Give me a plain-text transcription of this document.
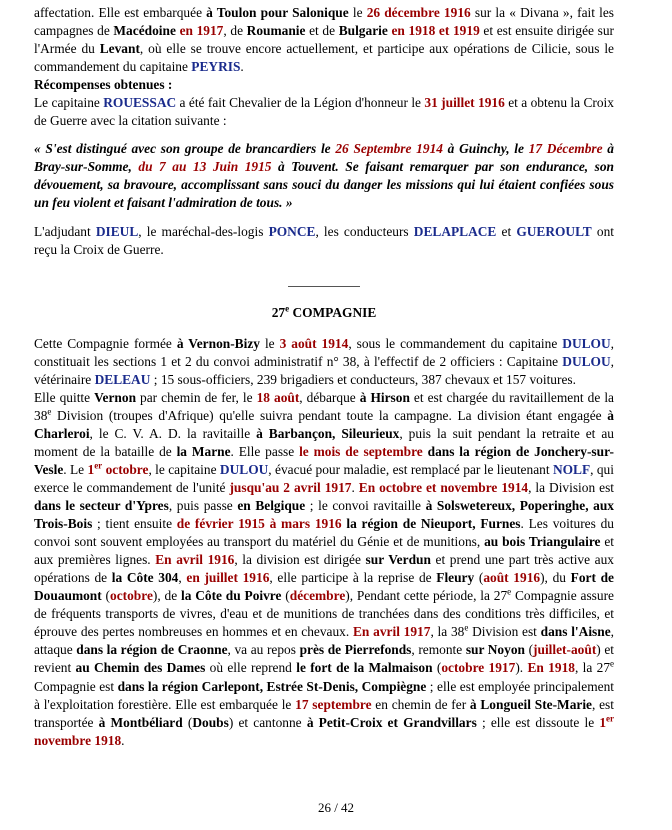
affectation. Elle est embarquée à Toulon pour Salonique le 26 décembre 1916 sur la « Divana », fait les campagnes de Macédoine en 1917, de Roumanie et de Bulgarie en 1918 et 1919 et est ensuite dirigée sur l'Armée du Levant, où elle se trouve encore actuellement, et participe aux opérations de Cilicie, sous le commandement du capitaine PEYRIS.

Récompenses obtenues :

Le capitaine ROUESSAC a été fait Chevalier de la Légion d'honneur le 31 juillet 1916 et a obtenu la Croix de Guerre avec la citation suivante :

« S'est distingué avec son groupe de brancardiers le 26 Septembre 1914 à Guinchy, le 17 Décembre à Bray-sur-Somme, du 7 au 13 Juin 1915 à Touvent. Se faisant remarquer par son endurance, son dévouement, sa bravoure, accomplissant sans souci du danger les missions qui lui étaient confiées sous un feu violent et faisant l'admiration de tous. »

L'adjudant DIEUL, le maréchal-des-logis PONCE, les conducteurs DELAPLACE et GUEROULT ont reçu la Croix de Guerre.

27e COMPAGNIE

Cette Compagnie formée à Vernon-Bizy le 3 août 1914, sous le commandement du capitaine DULOU, constituait les sections 1 et 2 du convoi administratif n° 38, à l'effectif de 2 officiers : Capitaine DULOU, vétérinaire DELEAU ; 15 sous-officiers, 239 brigadiers et conducteurs, 387 chevaux et 157 voitures.

Elle quitte Vernon par chemin de fer, le 18 août, débarque à Hirson et est chargée du ravitaillement de la 38e Division (troupes d'Afrique) qu'elle suivra pendant toute la campagne. La division étant engagée à Charleroi, le C. V. A. D. la ravitaille à Barbançon, Sileurieux, puis la suit pendant la retraite et au moment de la bataille de la Marne. Elle passe le mois de septembre dans la région de Jonchery-sur-Vesle. Le 1er octobre, le capitaine DULOU, évacué pour maladie, est remplacé par le lieutenant NOLF, qui exerce le commandement de l'unité jusqu'au 2 avril 1917. En octobre et novembre 1914, la Division est dans le secteur d'Ypres, puis passe en Belgique ; le convoi ravitaille à Solswetereux, Poperinghe, aux Trois-Bois ; tient ensuite de février 1915 à mars 1916 la région de Nieuport, Furnes. Les voitures du convoi sont souvent employées au transport du matériel du Génie et de munitions, au bois Triangulaire et aux premières lignes. En avril 1916, la division est dirigée sur Verdun et prend une part très active aux opérations de la Côte 304, en juillet 1916, elle participe à la reprise de Fleury (août 1916), du Fort de Douaumont (octobre), de la Côte du Poivre (décembre), Pendant cette période, la 27e Compagnie assure de fréquents transports de vivres, d'eau et de munitions de tranchées dans des conditions très difficiles, et éprouve des pertes nombreuses en hommes et en chevaux. En avril 1917, la 38e Division est dans l'Aisne, attaque dans la région de Craonne, va au repos près de Pierrefonds, remonte sur Noyon (juillet-août) et revient au Chemin des Dames où elle reprend le fort de la Malmaison (octobre 1917). En 1918, la 27e Compagnie est dans la région Carlepont, Estrée St-Denis, Compiègne ; elle est employée principalement à l'exploitation forestière. Elle est embarquée le 17 septembre en chemin de fer à Longueil Ste-Marie, est transportée à Montbéliard (Doubs) et cantonne à Petit-Croix et Grandvillars ; elle est dissoute le 1er novembre 1918.

26 / 42
